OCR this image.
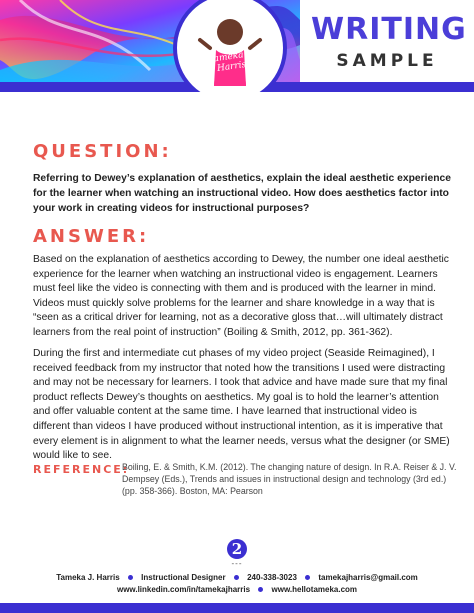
Tameka J. Harris
WRITING
SAMPLE
QUESTION:
Referring to Dewey’s explanation of aesthetics, explain the ideal aesthetic experience for the learner when watching an instructional video. How does aesthetics factor into your work in creating videos for instructional purposes?
ANSWER:

Based on the explanation of aesthetics according to Dewey, the number one ideal aesthetic experience for the learner when watching an instructional video is engagement. Learners must feel like the video is connecting with them and is produced with the learner in mind. Videos must quickly solve problems for the learner and share knowledge in a way that is “seen as a critical driver for learning, not as a decorative gloss that…will ultimately distract learners from the real point of instruction” (Boiling & Smith, 2012, pp. 361-362).

During the first and intermediate cut phases of my video project (Seaside Reimagined), I received feedback from my instructor that noted how the transitions I used were distracting and may not be necessary for learners. I took that advice and have made sure that my final product reflects Dewey’s thoughts on aesthetics. My goal is to hold the learner’s attention and offer valuable content at the same time. I have learned that instructional video is different than videos I have produced without instructional intention, as it is imperative that every element is in alignment to what the learner needs, versus what the designer (or SME) would like to see.

REFERENCE:

Boiling, E. & Smith, K.M. (2012). The changing nature of design. In R.A. Reiser & J. V. Dempsey (Eds.), Trends and issues in instructional design and technology (3rd ed.) (pp. 358-366). Boston, MA: Pearson

2
---
Tameka J. Harris	Instructional Designer	240-338-3023	tamekajharris@gmail.com
www.linkedin.com/in/tamekajharris	www.hellotameka.com
